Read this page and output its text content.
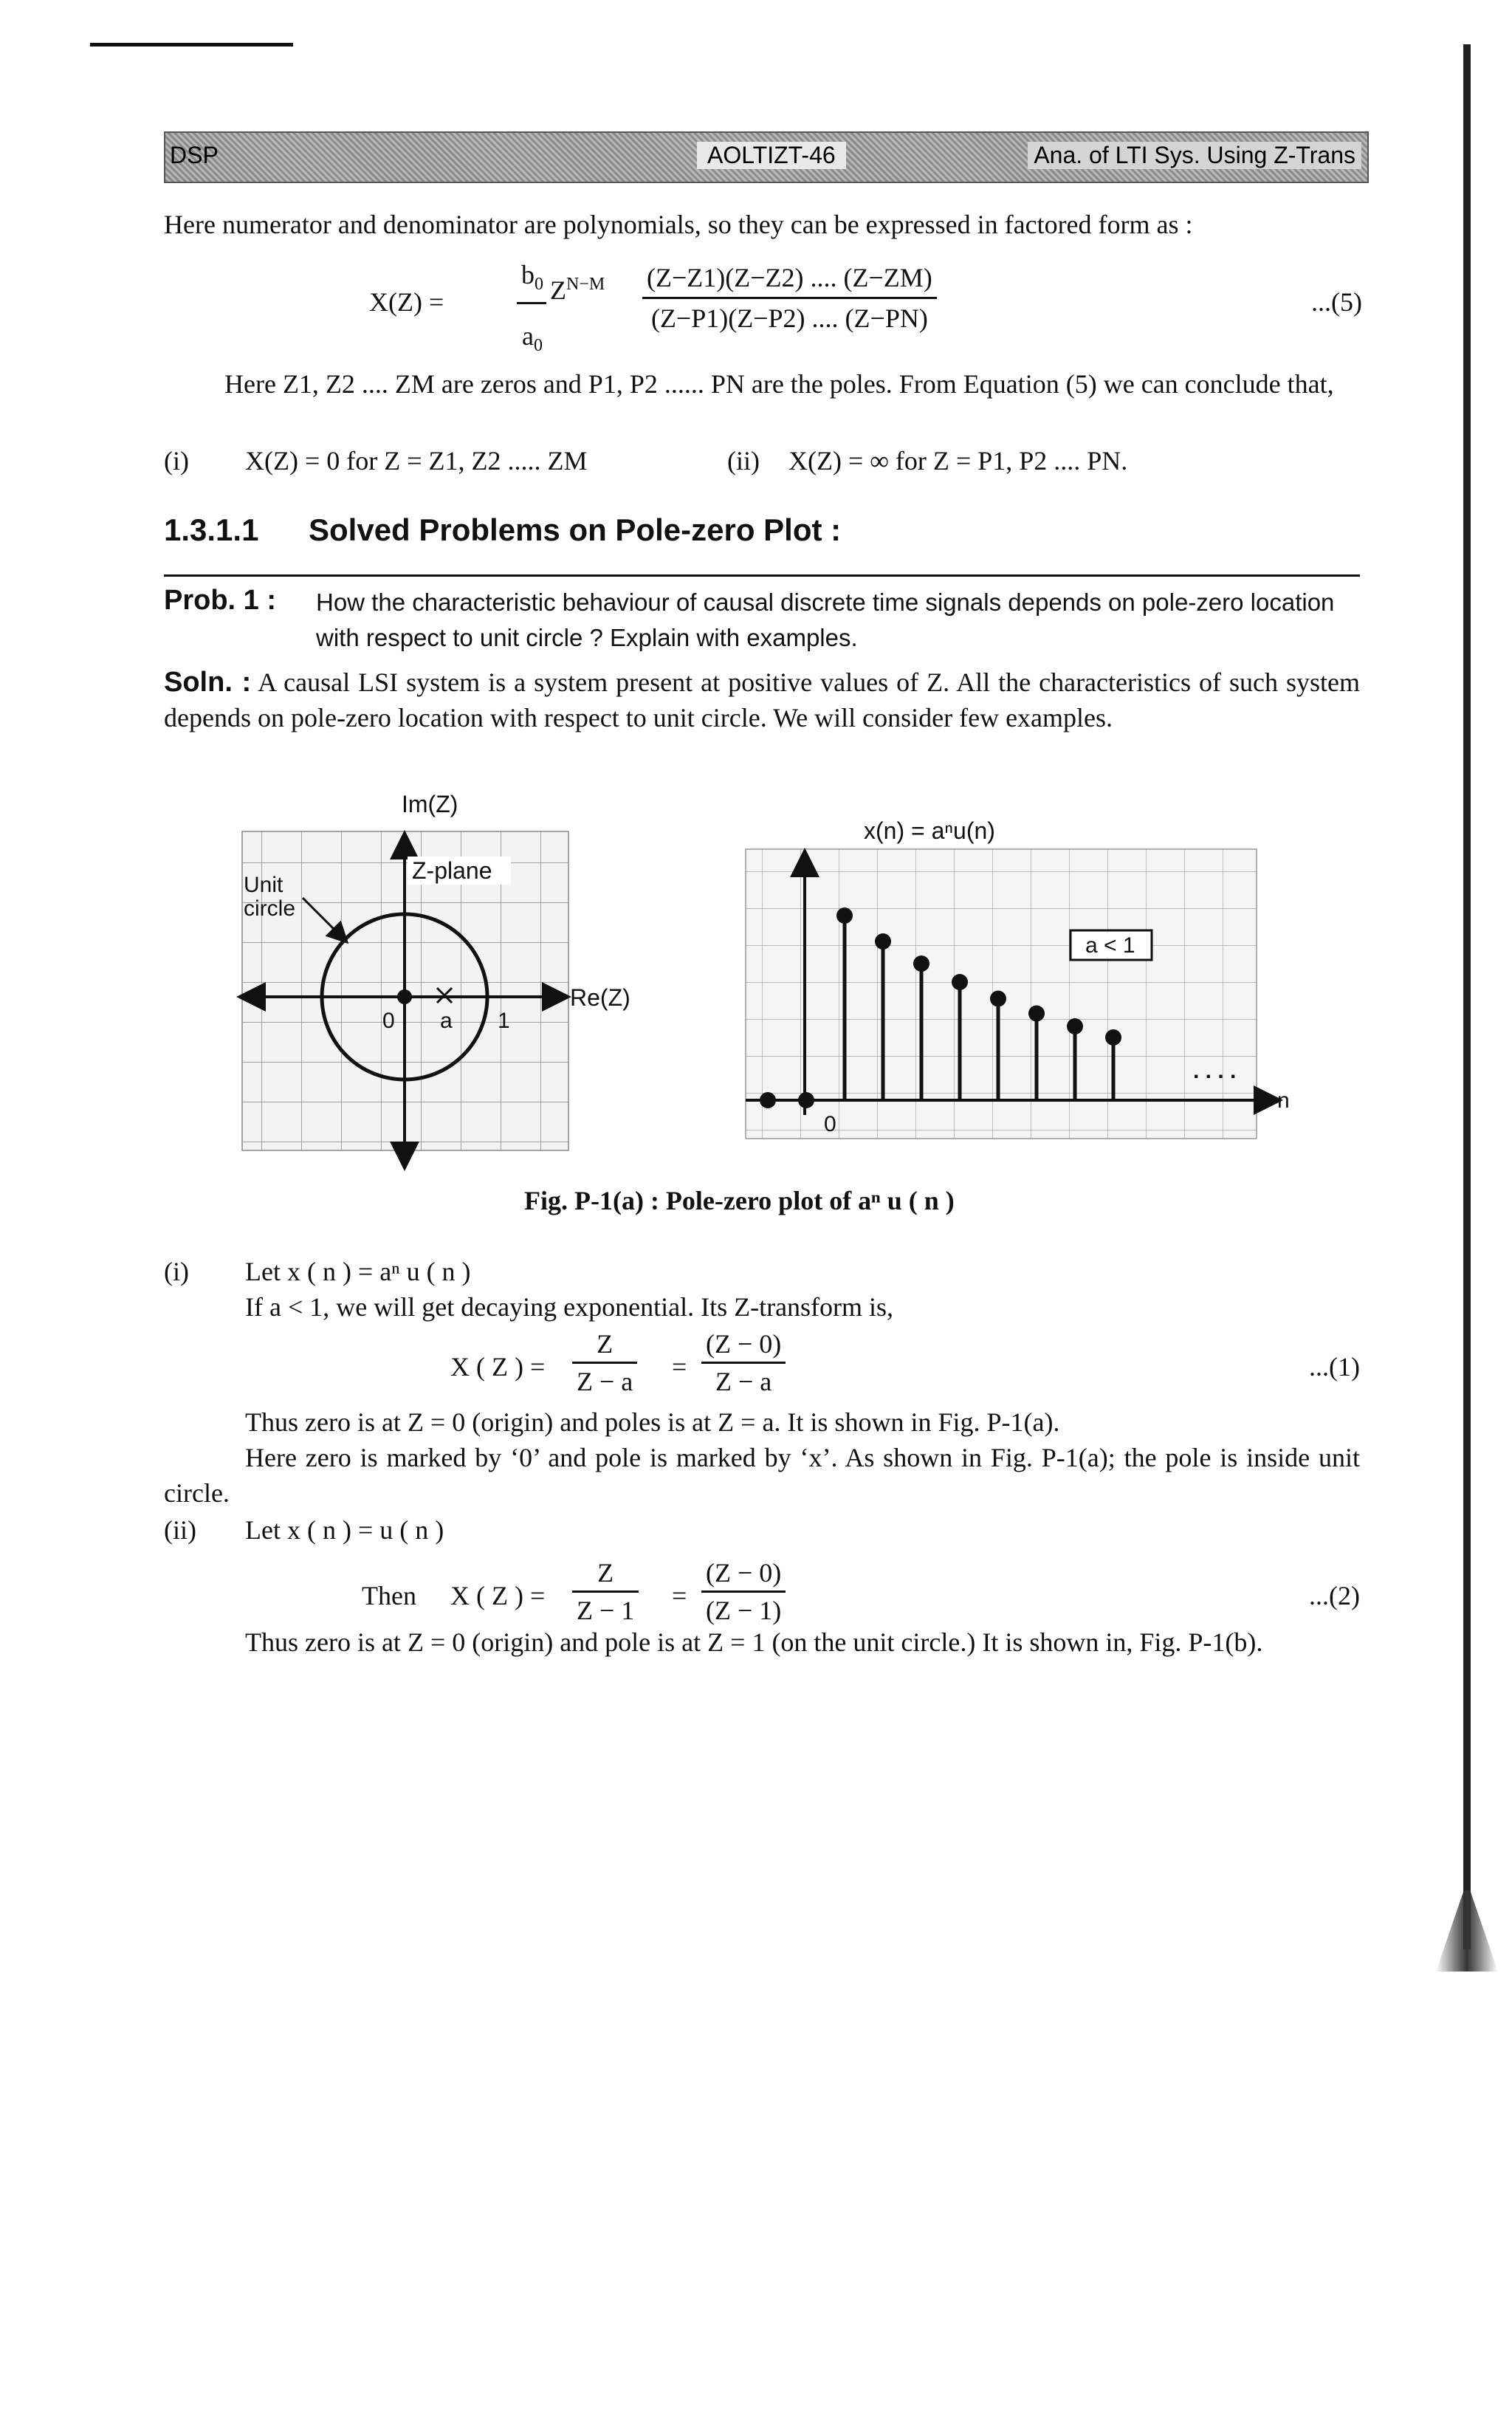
DSP	AOLTIZT-46	Ana. of LTI Sys. Using Z-Trans
Here numerator and denominator are polynomials, so they can be expressed in factored form as :
X(Z) =
$b_0$
$a_0$
$Z^{N-M} \frac{(Z-Z1)(Z-Z2) .... (Z-ZM)}{(Z-P1)(Z-P2) .... (Z-PN)}$	...(5)
Here Z1, Z2 .... ZM are zeros and P1, P2 ...... PN are the poles. From Equation (5) we can conclude that,
(i) X(Z) = 0 for Z = Z1, Z2 ..... ZM	(ii) X(Z) = ∞ for Z = P1, P2 .... PN.
1.3.1.1 Solved Problems on Pole-zero Plot :
Prob. 1 : How the characteristic behaviour of causal discrete time signals depends on pole-zero location with respect to unit circle ? Explain with examples.
Soln. : A causal LSI system is a system present at positive values of Z. All the characteristics of such system depends on pole-zero location with respect to unit circle. We will consider few examples.
Im(Z)
Z-plane
Unit
circle
Re(Z)
0 a 1
a < 1
x(n) = aⁿu(n)
0
n
. . . .
Fig. P-1(a) : Pole-zero plot of aⁿ u ( n )
(i) Let x ( n ) = aⁿ u ( n )
If a < 1, we will get decaying exponential. Its Z-transform is,
X ( Z ) = $\frac{Z}{Z - a} = \frac{(Z - 0)}{Z - a}$	...(1)
Thus zero is at Z = 0 (origin) and poles is at Z = a. It is shown in Fig. P-1(a).
Here zero is marked by ‘0’ and pole is marked by ‘x’. As shown in Fig. P-1(a); the pole is inside unit circle.
(ii) Let x ( n ) = u ( n )
Then X ( Z ) = $\frac{Z}{Z - 1} = \frac{(Z - 0)}{(Z - 1)}$	...(2)
Thus zero is at Z = 0 (origin) and pole is at Z = 1 (on the unit circle.) It is shown in, Fig. P-1(b).
